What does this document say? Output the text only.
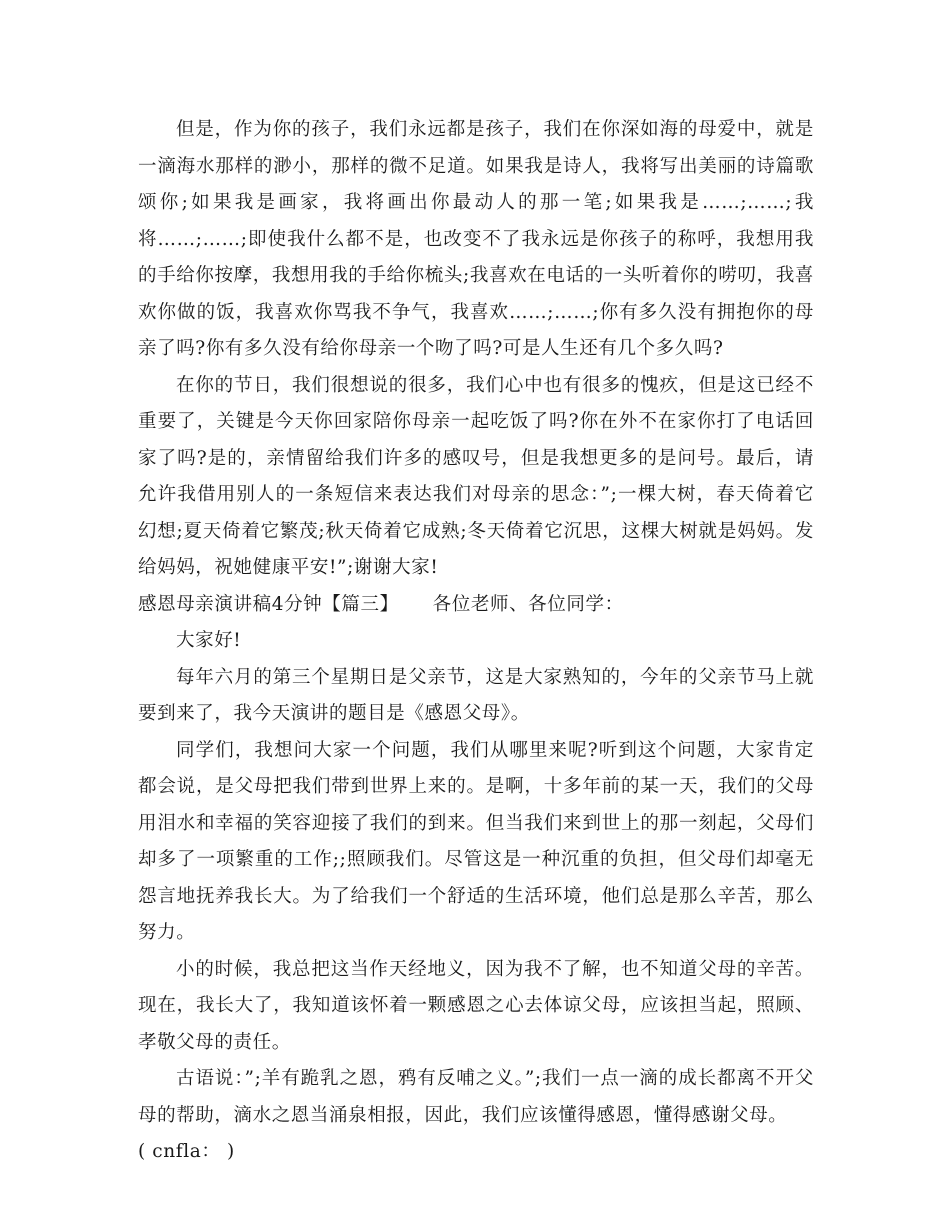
但是，作为你的孩子，我们永远都是孩子，我们在你深如海的母爱中，就是一滴海水那样的渺小，那样的微不足道。如果我是诗人，我将写出美丽的诗篇歌颂你;如果我是画家，我将画出你最动人的那一笔;如果我是……;……;我将……;……;即使我什么都不是，也改变不了我永远是你孩子的称呼，我想用我的手给你按摩，我想用我的手给你梳头;我喜欢在电话的一头听着你的唠叨，我喜欢你做的饭，我喜欢你骂我不争气，我喜欢……;……;你有多久没有拥抱你的母亲了吗?你有多久没有给你母亲一个吻了吗?可是人生还有几个多久吗?

在你的节日，我们很想说的很多，我们心中也有很多的愧疚，但是这已经不重要了，关键是今天你回家陪你母亲一起吃饭了吗?你在外不在家你打了电话回家了吗?是的，亲情留给我们许多的感叹号，但是我想更多的是问号。最后，请允许我借用别人的一条短信来表达我们对母亲的思念：”;一棵大树，春天倚着它幻想;夏天倚着它繁茂;秋天倚着它成熟;冬天倚着它沉思，这棵大树就是妈妈。发给妈妈，祝她健康平安!”;谢谢大家!

感恩母亲演讲稿4分钟【篇三】 各位老师、各位同学：

大家好!

每年六月的第三个星期日是父亲节，这是大家熟知的，今年的父亲节马上就要到来了，我今天演讲的题目是《感恩父母》。

同学们，我想问大家一个问题，我们从哪里来呢?听到这个问题，大家肯定都会说，是父母把我们带到世界上来的。是啊，十多年前的某一天，我们的父母用泪水和幸福的笑容迎接了我们的到来。但当我们来到世上的那一刻起，父母们却多了一项繁重的工作;;照顾我们。尽管这是一种沉重的负担，但父母们却毫无怨言地抚养我长大。为了给我们一个舒适的生活环境，他们总是那么辛苦，那么努力。

小的时候，我总把这当作天经地义，因为我不了解，也不知道父母的辛苦。现在，我长大了，我知道该怀着一颗感恩之心去体谅父母，应该担当起，照顾、孝敬父母的责任。

古语说：”;羊有跪乳之恩，鸦有反哺之义。”;我们一点一滴的成长都离不开父母的帮助，滴水之恩当涌泉相报，因此，我们应该懂得感恩，懂得感谢父母。

( cnfla： )
